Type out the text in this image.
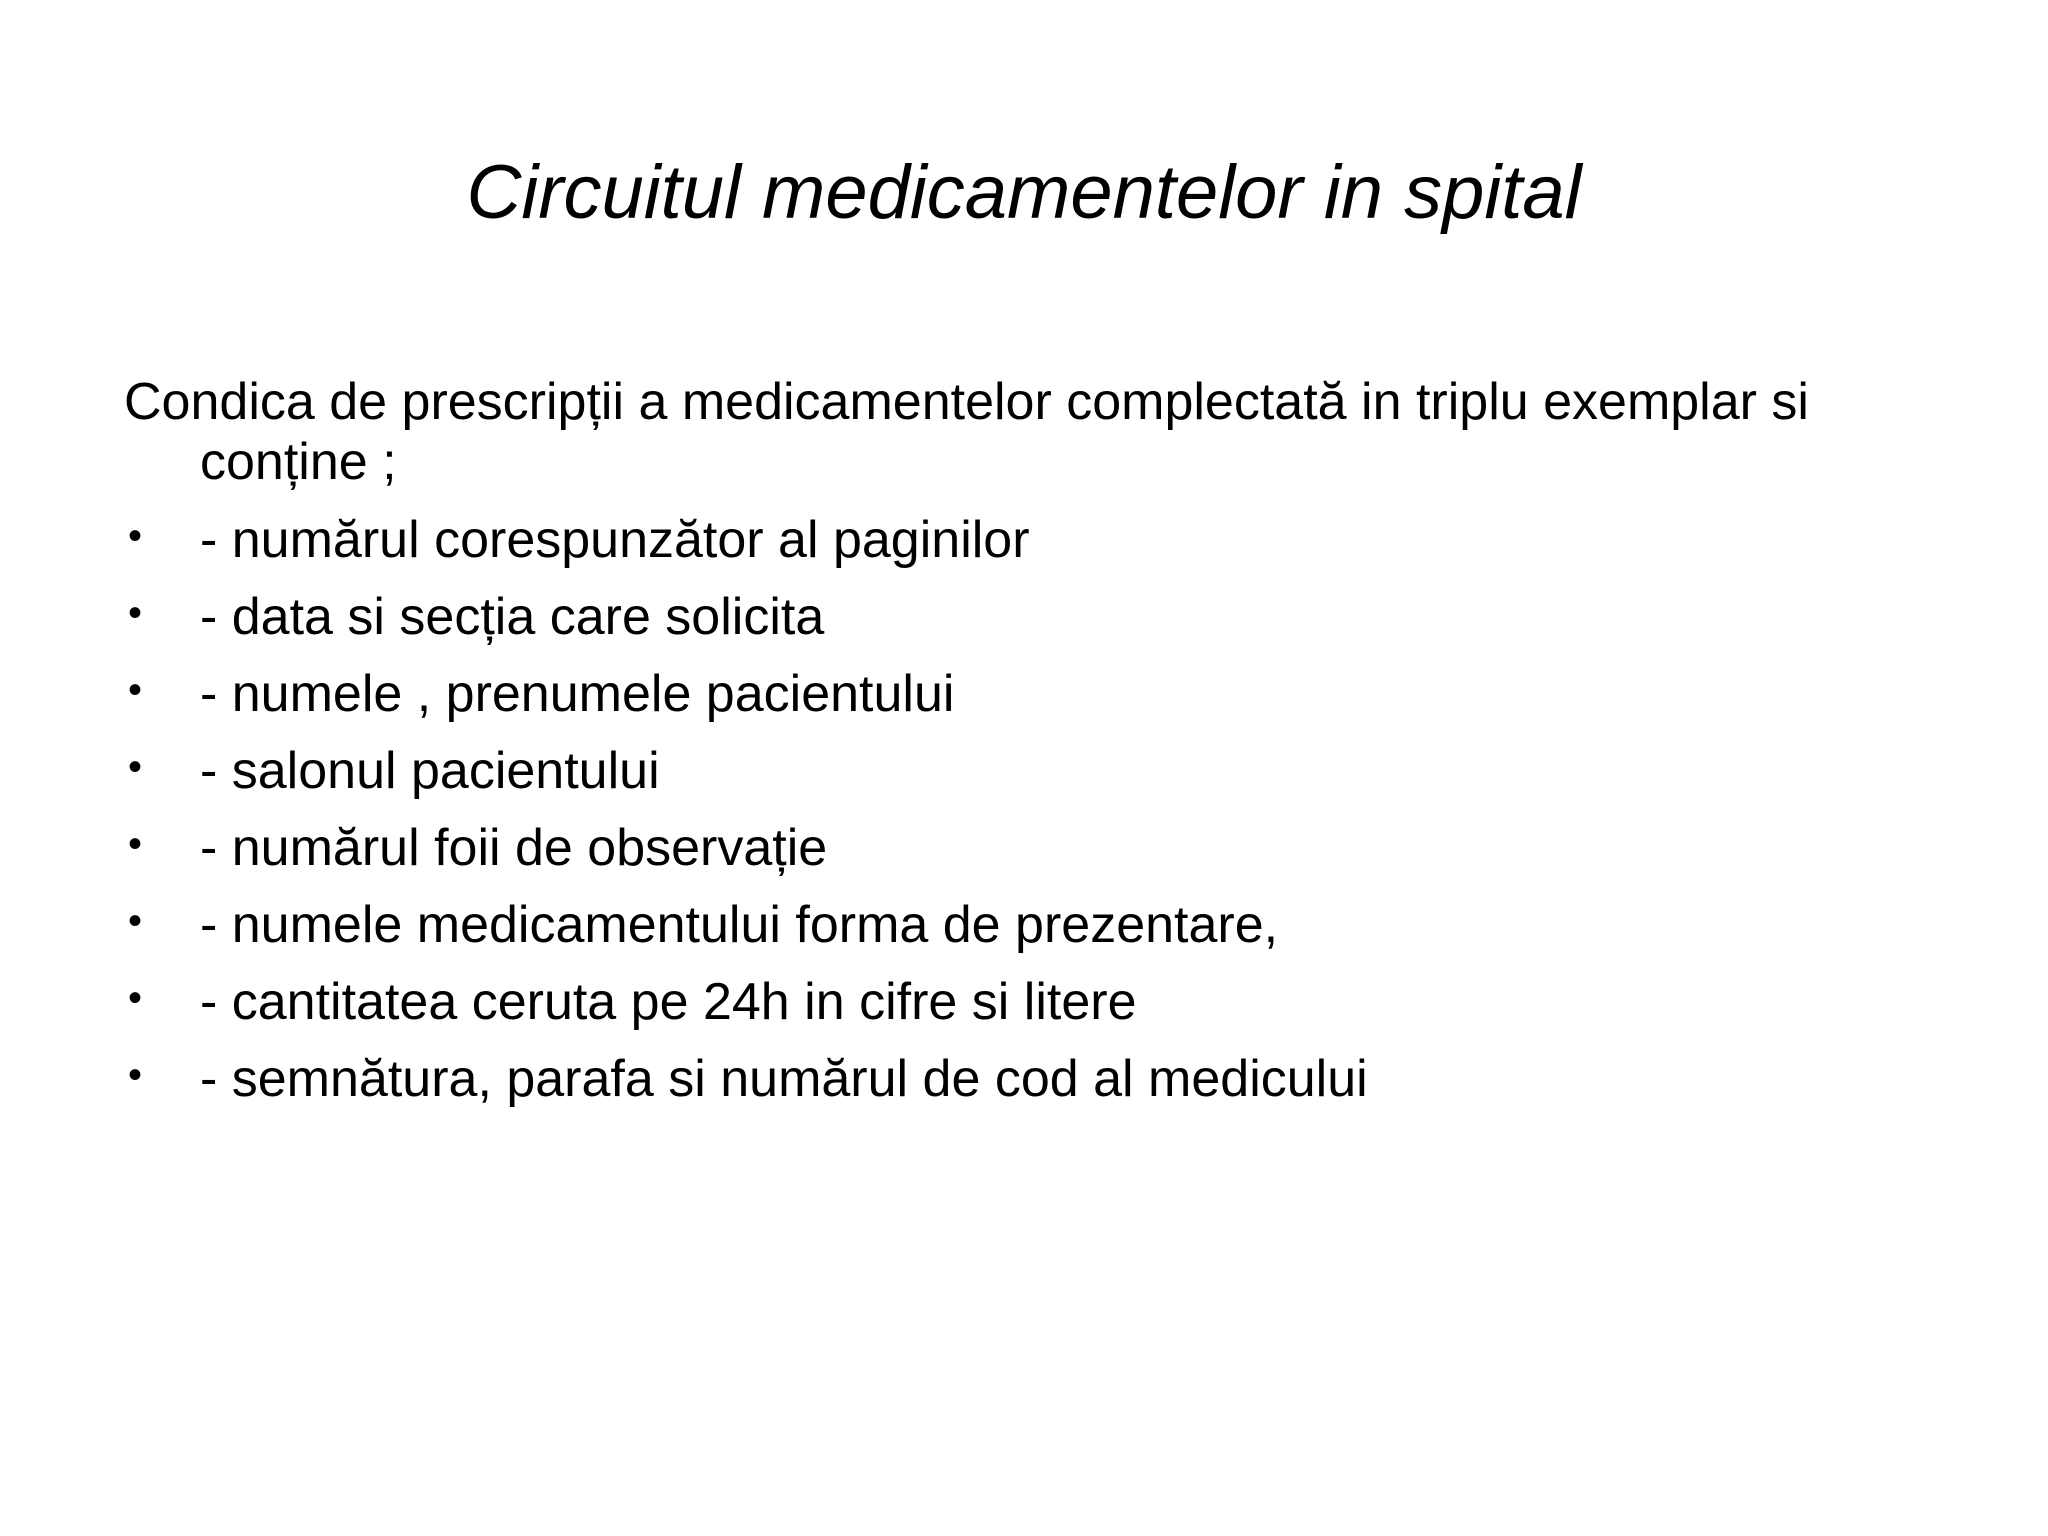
Circuitul medicamentelor in spital

Condica de prescripții a medicamentelor complectată in triplu exemplar si conține ;

• - numărul corespunzător al paginilor
• - data si secția care solicita
• - numele , prenumele pacientului
• - salonul pacientului
• - numărul foii de observație
• - numele medicamentului forma de prezentare,
• - cantitatea ceruta pe 24h in cifre si litere
• - semnătura, parafa si numărul de cod al medicului
